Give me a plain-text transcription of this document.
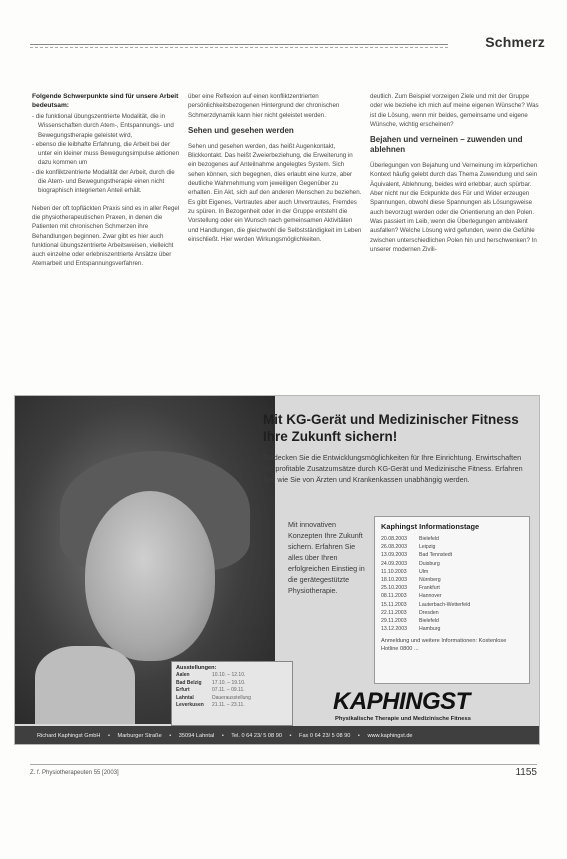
Schmerz
Folgende Schwerpunkte sind für unsere Arbeit bedeutsam:
- die funktional übungszentrierte Modalität, die in Wissenschaften durch Atem-, Entspannungs- und Bewegungstherapie geleistet wird,
- ebenso die leibhafte Erfahrung, die Arbeit bei der unter ein kleiner muss Bewegungsimpulse aktionen dazu kommen um
- die konfliktzentrierte Modalität der Arbeit, durch die die Atem- und Bewegungstherapie einen nicht biographisch integrierten Anteil erhält.

Neben der oft topfläckten Praxis sind es in aller Regel die physiotherapeutischen Praxen, in denen die Patienten mit chronischen Schmerzen ihre Behandlungen beginnen. Zwar gibt es hier auch funktional übungszentrierte Arbeitsweisen, vielleicht auch einzelne oder erlebniszentrierte Ansätze über Atemarbeit und Entspannungsverfahren.

über eine Reflexion auf einen konfliktzentrierten persönlichkeitsbezogenen Hintergrund der chronischen Schmerzdynamik kann hier nicht geleistet werden.

Sehen und gesehen werden

Sehen und gesehen werden, das heißt Augenkontakt, Blickkontakt. Das heißt Zweierbeziehung, die Erweiterung in ein bezogenes auf Anteilnahme angelegtes System. Sich sehen können, sich begegnen, dies erlaubt eine kurze, aber deutliche Wahrnehmung vom jeweiligen Gegenüber zu erhalten. Ein Akt, sich auf den anderen Menschen zu beziehen. Es gibt Eigenes, Vertrautes aber auch Unvertrautes, Fremdes zu spüren. In Bezogenheit oder in der Gruppe entsteht die Vorstellung oder ein Wunsch nach gemeinsamen Aktivitäten und Handlungen, die gleichwohl die Selbstständigkeit im Leben einschließt. Hier werden Wirkungsmöglichkeiten.

deutlich. Zum Beispiel vorzeigen Ziele und mit der Gruppe oder wie beziehe ich mich auf meine eigenen Wünsche? Was ist die Lösung, wenn mir beides, gemeinsame und eigene Wünsche, wichtig erscheinen?

Bejahen und verneinen – zuwenden und ablehnen

Überlegungen von Bejahung und Verneinung im körperlichen Kontext häufig gelebt durch das Thema Zuwendung und sein Äquivalent, Ablehnung, beides wird erlebbar, auch spürbar. Aber nicht nur die Eckpunkte des Für und Wider erzeugen Spannungen, obwohl diese Spannungen als Lösungsweise auch bevorzugt werden oder die Orientierung an den Polen. Was passiert im Leib, wenn die Überlegungen ambivalent ausfallen? Welche Lösung wird gefunden, wenn die Gefühle zwischen unterschiedlichen Polen hin und herschwenken? In unserer modernen Zivili-

Mit KG-Gerät und Medizinischer Fitness Ihre Zukunft sichern!
Entdecken Sie die Entwicklungsmöglichkeiten für Ihre Einrichtung. Erwirtschaften Sie profitable Zusatzumsätze durch KG-Gerät und Medizinische Fitness. Erfahren Sie, wie Sie von Ärzten und Krankenkassen unabhängig werden.
Mit innovativen Konzepten Ihre Zukunft sichern. Erfahren Sie alles über Ihren erfolgreichen Einstieg in die gerätegestützte Physiotherapie.
Kaphingst Informationstage
20.08.2003	Bielefeld
26.08.2003	Leipzig
13.09.2003	Bad Tennstedt
24.09.2003	Duisburg
11.10.2003	Ulm
18.10.2003	Nürnberg
25.10.2003	Frankfurt
08.11.2003	Hannover
15.11.2003	Lauterbach-Wetterfeld
22.11.2003	Dresden
29.11.2003	Bielefeld
13.12.2003	Hamburg
Anmeldung und weitere Informationen: Kostenlose Hotline 0800 ...
Ausstellungen:
Aalen	10.10. – 12.10.
Bad Belzig	17.10. – 19.10.
Erfurt	07.11. – 09.11.
Lahntal	Dauerausstellung
Leverkusen	21.11. – 23.11.	KAPHINGST
Physikalische Therapie und Medizinische Fitness
Richard Kaphingst GmbH • Marburger Straße • 35094 Lahntal • Tel. 0 64 23/ 5 08 90 • Fax 0 64 23/ 5 08 90 • www.kaphingst.de
Z. f. Physiotherapeuten 55 [2003]	1155
